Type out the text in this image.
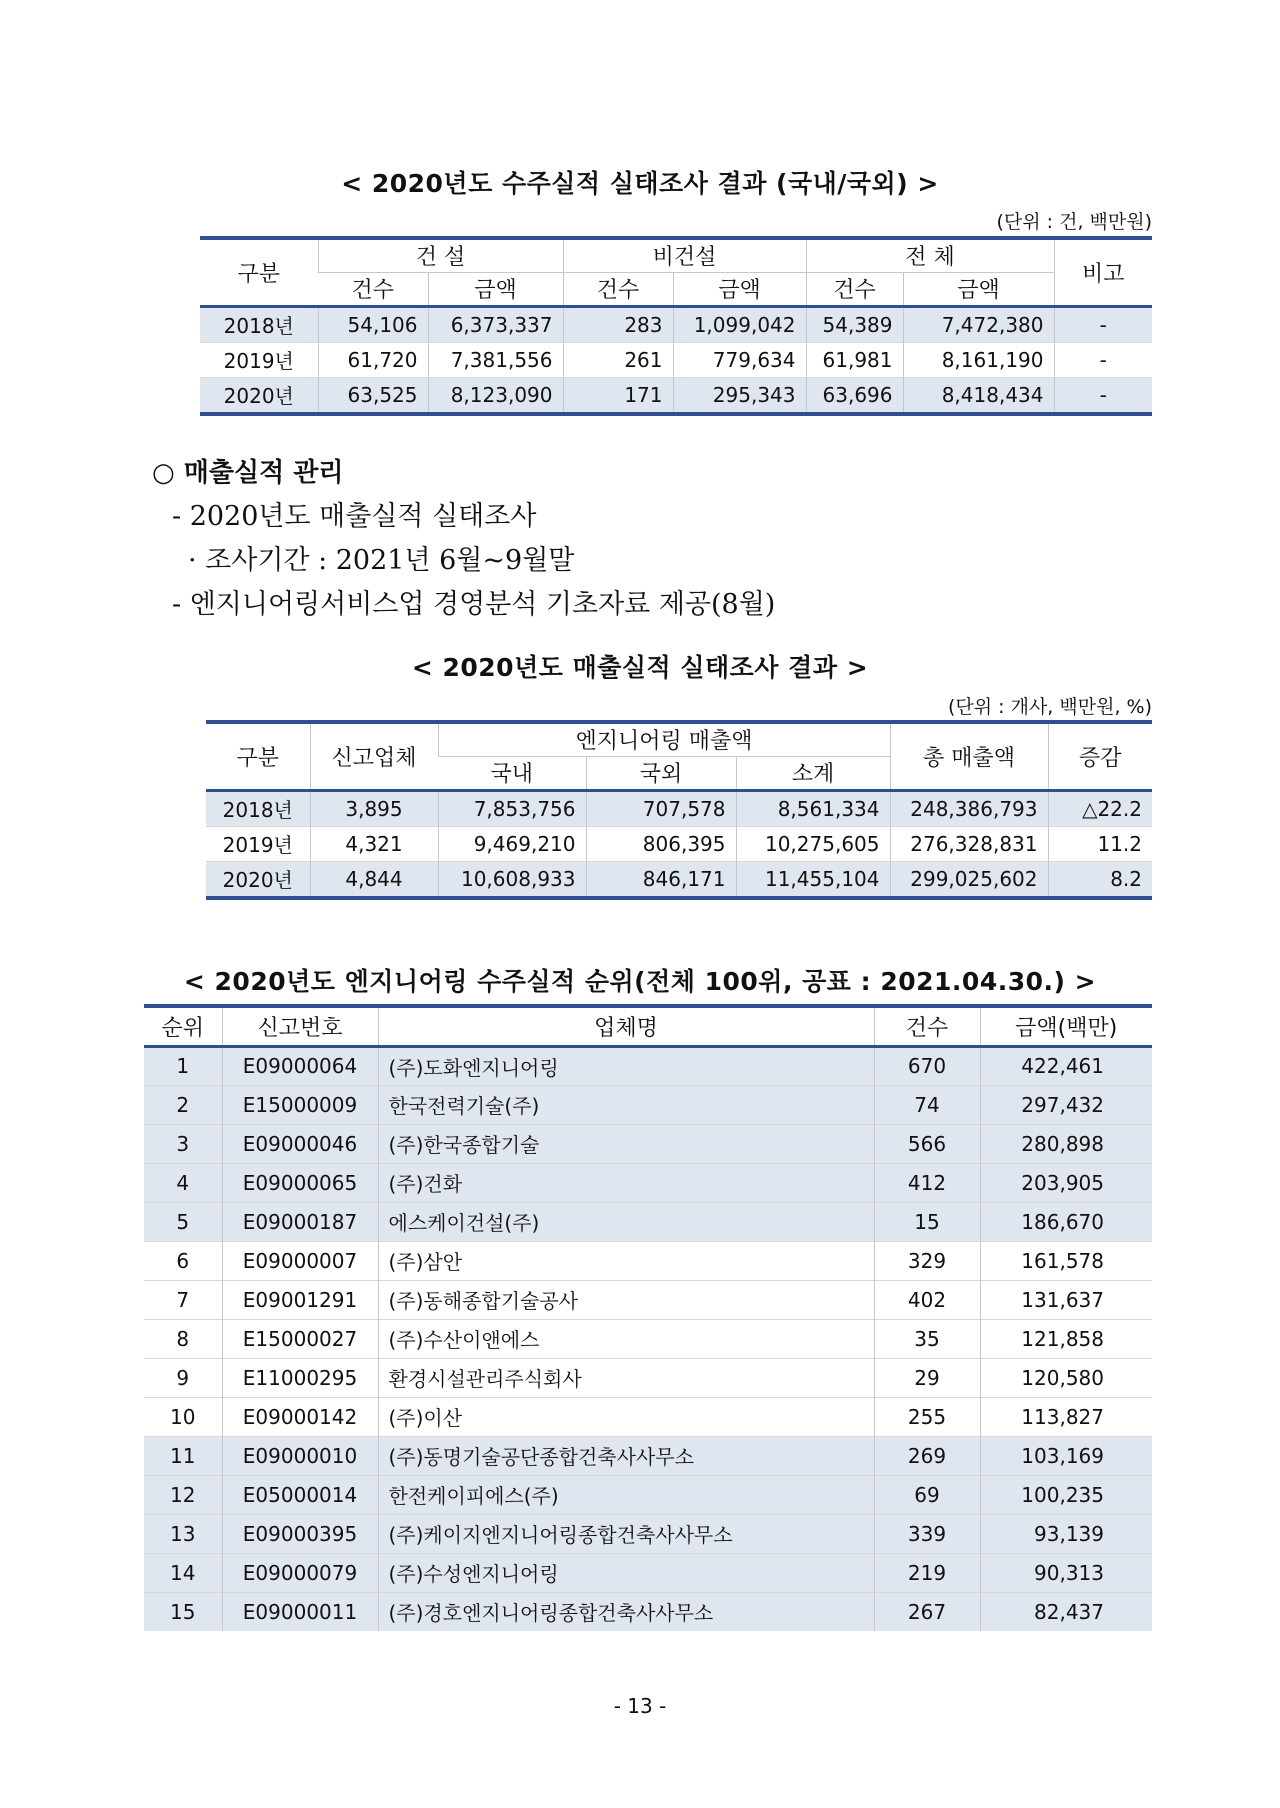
< 2020년도 수주실적 실태조사 결과 (국내/국외) >
(단위 : 건, 백만원)
구분	건 설		비건설		전 체		비고
	건수	금액	건수	금액	건수	금액	
2018년	54,106	6,373,337	283	1,099,042	54,389	7,472,380	-
2019년	61,720	7,381,556	261	779,634	61,981	8,161,190	-
2020년	63,525	8,123,090	171	295,343	63,696	8,418,434	-
○ 매출실적 관리
- 2020년도 매출실적 실태조사
· 조사기간 : 2021년 6월~9월말
- 엔지니어링서비스업 경영분석 기초자료 제공(8월)
< 2020년도 매출실적 실태조사 결과 >
(단위 : 개사, 백만원, %)
구분	신고업체	엔지니어링 매출액			총 매출액	증감
		국내	국외	소계		
2018년	3,895	7,853,756	707,578	8,561,334	248,386,793	△22.2
2019년	4,321	9,469,210	806,395	10,275,605	276,328,831	11.2
2020년	4,844	10,608,933	846,171	11,455,104	299,025,602	8.2
< 2020년도 엔지니어링 수주실적 순위(전체 100위, 공표 : 2021.04.30.) >
순위	신고번호	업체명	건수	금액(백만)
1	E09000064	(주)도화엔지니어링	670	422,461
2	E15000009	한국전력기술(주)	74	297,432
3	E09000046	(주)한국종합기술	566	280,898
4	E09000065	(주)건화	412	203,905
5	E09000187	에스케이건설(주)	15	186,670
6	E09000007	(주)삼안	329	161,578
7	E09001291	(주)동해종합기술공사	402	131,637
8	E15000027	(주)수산이앤에스	35	121,858
9	E11000295	환경시설관리주식회사	29	120,580
10	E09000142	(주)이산	255	113,827
11	E09000010	(주)동명기술공단종합건축사사무소	269	103,169
12	E05000014	한전케이피에스(주)	69	100,235
13	E09000395	(주)케이지엔지니어링종합건축사사무소	339	93,139
14	E09000079	(주)수성엔지니어링	219	90,313
15	E09000011	(주)경호엔지니어링종합건축사사무소	267	82,437
- 13 -
